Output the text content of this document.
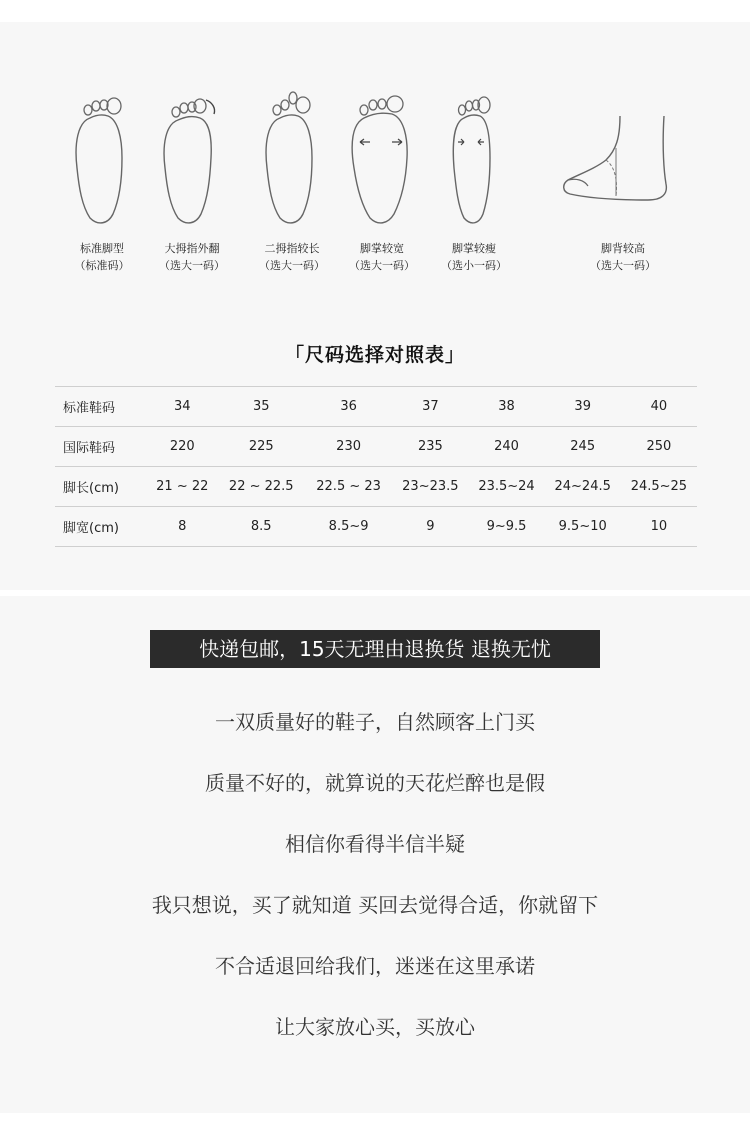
标准脚型
（标准码）
大拇指外翻
（选大一码）
二拇指较长
（选大一码）
脚掌较宽
（选大一码）
脚掌较瘦
（选小一码）
脚背较高
（选大一码）
「尺码选择对照表」
标准鞋码	34	35	36	37	38	39	40
国际鞋码	220	225	230	235	240	245	250
脚长(cm)	21 ~ 22	22 ~ 22.5	22.5 ~ 23	23~23.5	23.5~24	24~24.5	24.5~25
脚宽(cm)	8	8.5	8.5~9	9	9~9.5	9.5~10	10
快递包邮，15天无理由退换货 退换无忧
一双质量好的鞋子，自然顾客上门买
质量不好的，就算说的天花烂醉也是假
相信你看得半信半疑
我只想说，买了就知道 买回去觉得合适，你就留下
不合适退回给我们，迷迷在这里承诺
让大家放心买，买放心
